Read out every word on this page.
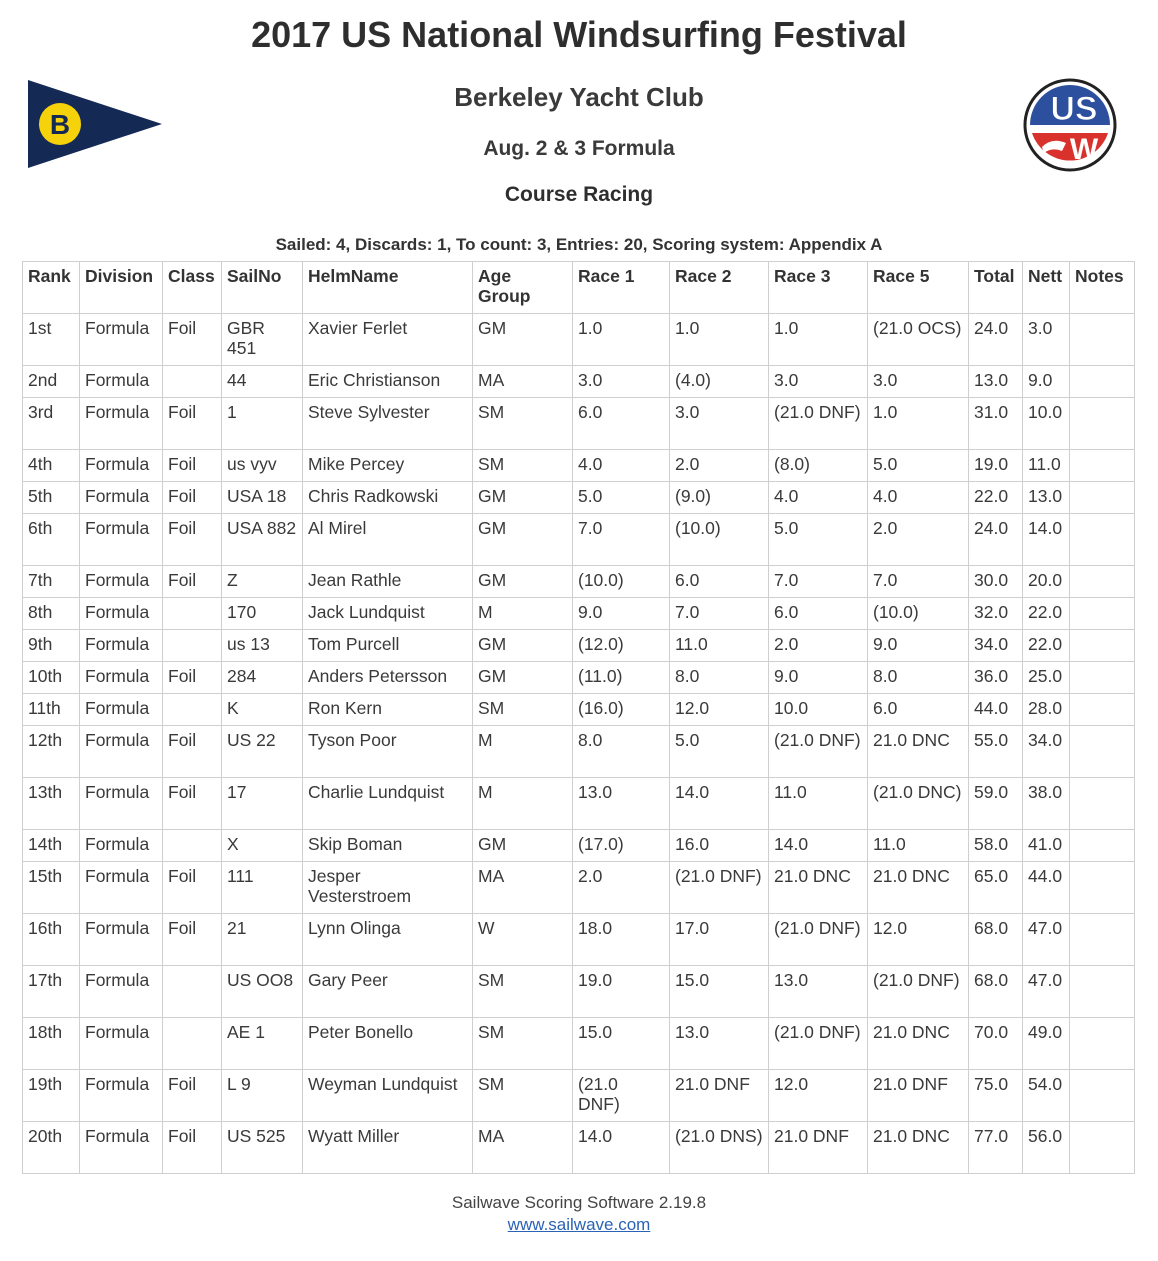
2017 US National Windsurfing Festival
B
Berkeley Yacht Club
Aug. 2 & 3 Formula
Course Racing
US
W
Sailed: 4, Discards: 1, To count: 3, Entries: 20, Scoring system: Appendix A
Rank	Division	Class	SailNo	HelmName	Age Group	Race 1	Race 2	Race 3	Race 5	Total	Nett	Notes
1st	Formula	Foil	GBR 451	Xavier Ferlet	GM	1.0	1.0	1.0	(21.0 OCS)	24.0	3.0	
2nd	Formula		44	Eric Christianson	MA	3.0	(4.0)	3.0	3.0	13.0	9.0	
3rd	Formula	Foil	1	Steve Sylvester	SM	6.0	3.0	(21.0 DNF)	1.0	31.0	10.0	
4th	Formula	Foil	us vyv	Mike Percey	SM	4.0	2.0	(8.0)	5.0	19.0	11.0	
5th	Formula	Foil	USA 18	Chris Radkowski	GM	5.0	(9.0)	4.0	4.0	22.0	13.0	
6th	Formula	Foil	USA 882	Al Mirel	GM	7.0	(10.0)	5.0	2.0	24.0	14.0	
7th	Formula	Foil	Z	Jean Rathle	GM	(10.0)	6.0	7.0	7.0	30.0	20.0	
8th	Formula		170	Jack Lundquist	M	9.0	7.0	6.0	(10.0)	32.0	22.0	
9th	Formula		us 13	Tom Purcell	GM	(12.0)	11.0	2.0	9.0	34.0	22.0	
10th	Formula	Foil	284	Anders Petersson	GM	(11.0)	8.0	9.0	8.0	36.0	25.0	
11th	Formula		K	Ron Kern	SM	(16.0)	12.0	10.0	6.0	44.0	28.0	
12th	Formula	Foil	US 22	Tyson Poor	M	8.0	5.0	(21.0 DNF)	21.0 DNC	55.0	34.0	
13th	Formula	Foil	17	Charlie Lundquist	M	13.0	14.0	11.0	(21.0 DNC)	59.0	38.0	
14th	Formula		X	Skip Boman	GM	(17.0)	16.0	14.0	11.0	58.0	41.0	
15th	Formula	Foil	111	Jesper Vesterstroem	MA	2.0	(21.0 DNF)	21.0 DNC	21.0 DNC	65.0	44.0	
16th	Formula	Foil	21	Lynn Olinga	W	18.0	17.0	(21.0 DNF)	12.0	68.0	47.0	
17th	Formula		US OO8	Gary Peer	SM	19.0	15.0	13.0	(21.0 DNF)	68.0	47.0	
18th	Formula		AE 1	Peter Bonello	SM	15.0	13.0	(21.0 DNF)	21.0 DNC	70.0	49.0	
19th	Formula	Foil	L 9	Weyman Lundquist	SM	(21.0 DNF)	21.0 DNF	12.0	21.0 DNF	75.0	54.0	
20th	Formula	Foil	US 525	Wyatt Miller	MA	14.0	(21.0 DNS)	21.0 DNF	21.0 DNC	77.0	56.0	
Sailwave Scoring Software 2.19.8
www.sailwave.com
